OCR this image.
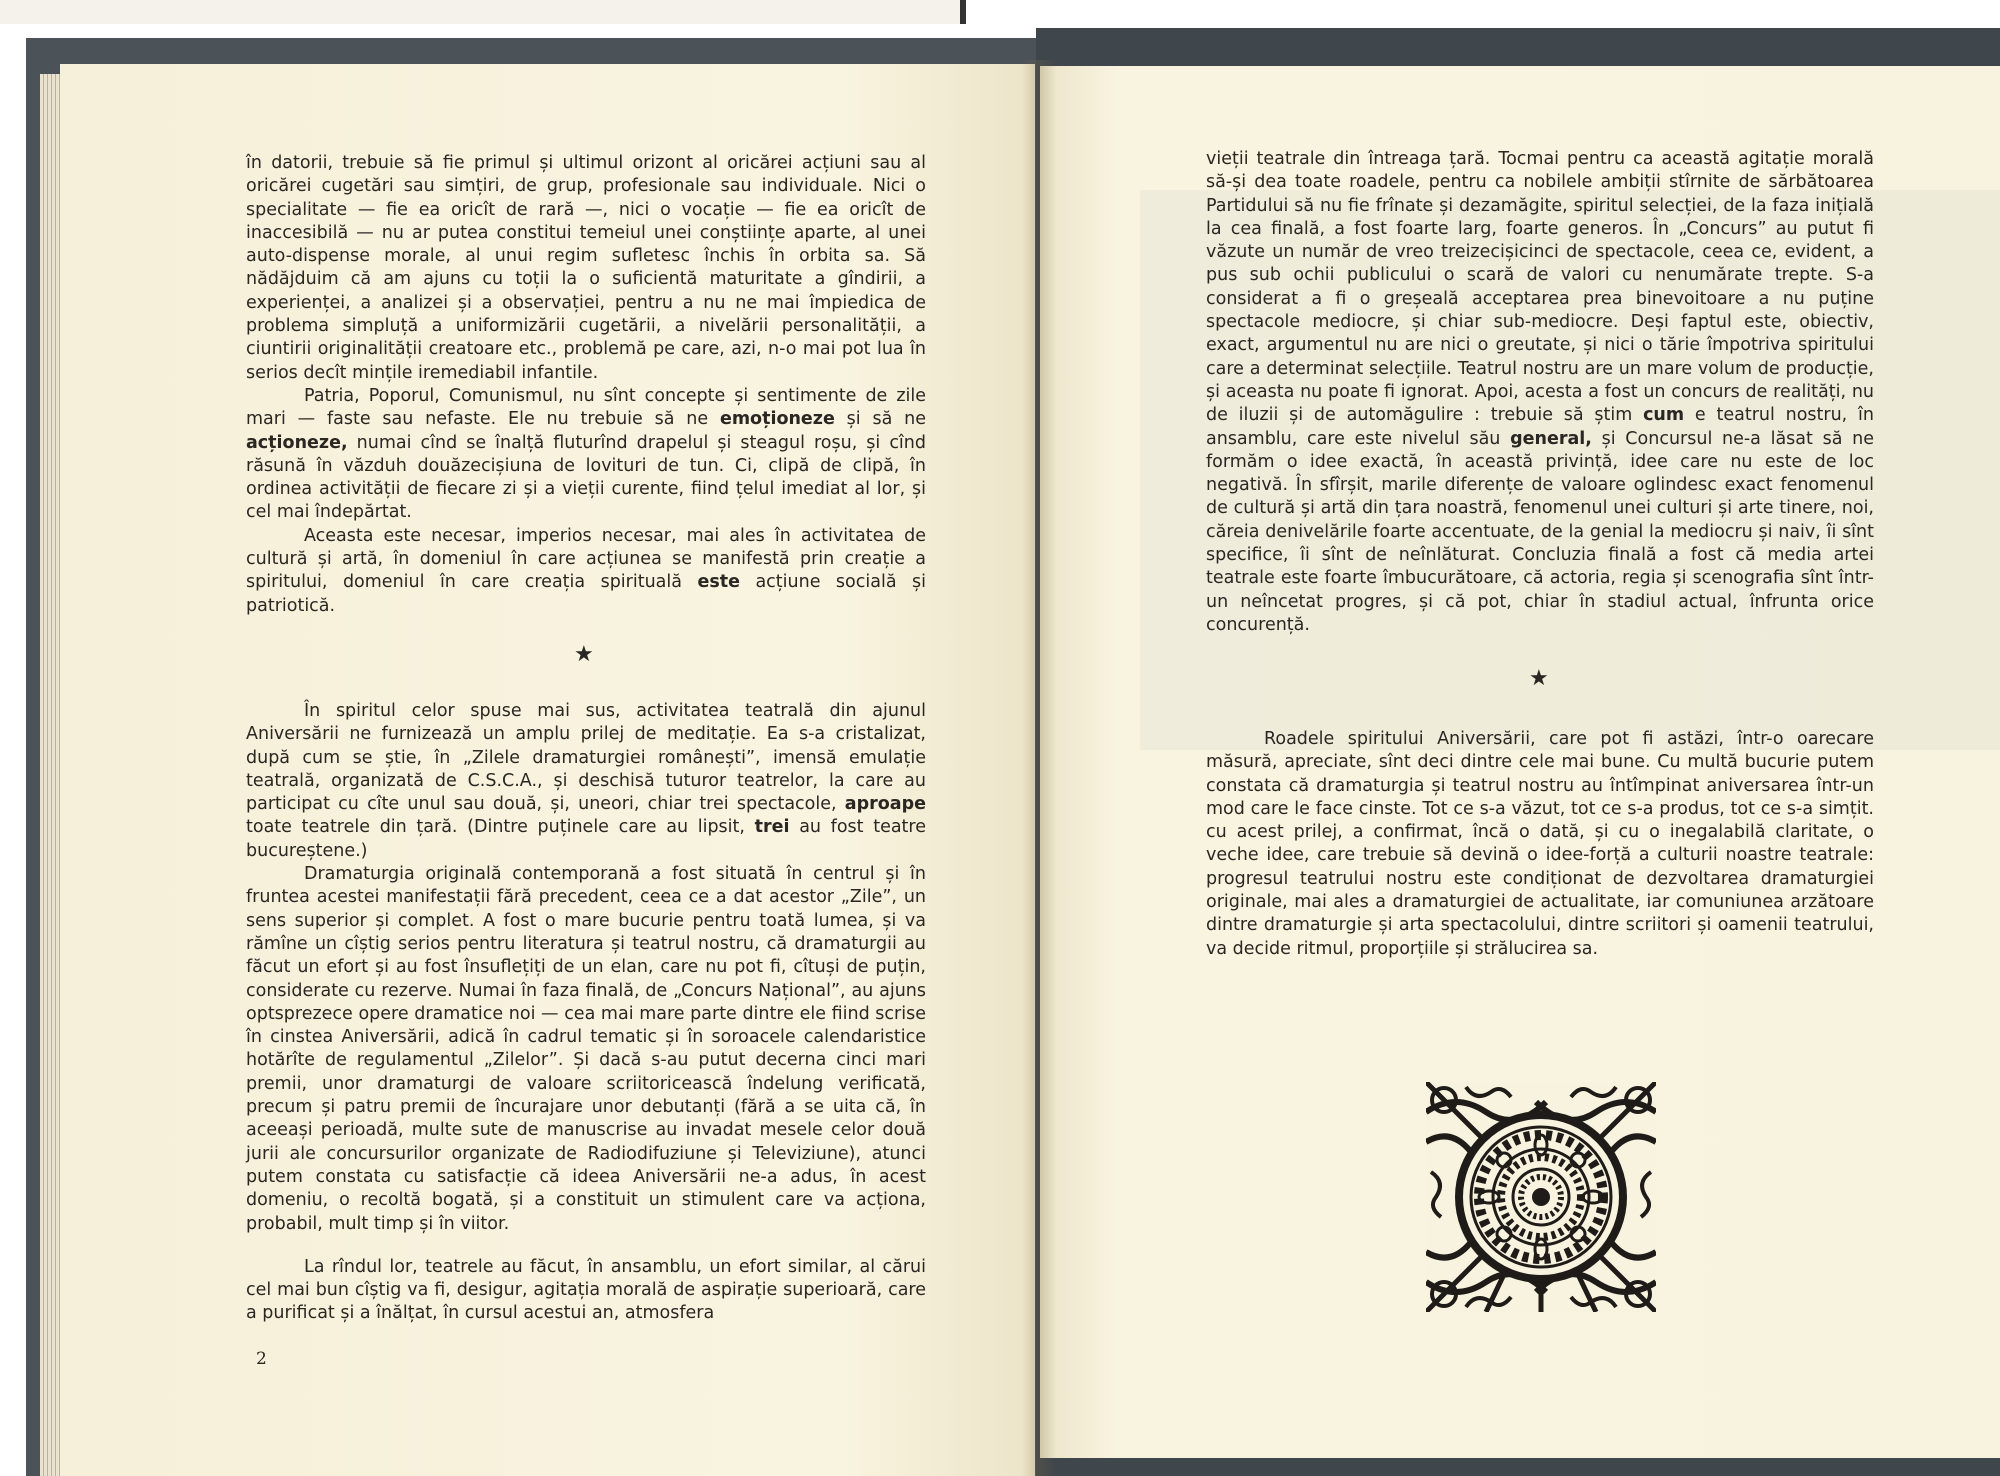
în datorii, trebuie să fie primul și ultimul orizont al oricărei acțiuni sau al oricărei cugetări sau simțiri, de grup, profesionale sau individuale. Nici o specialitate — fie ea oricît de rară —, nici o vocație — fie ea oricît de inaccesibilă — nu ar putea constitui temeiul unei conștiințe aparte, al unei auto-dispense morale, al unui regim sufletesc închis în orbita sa. Să nădăjduim că am ajuns cu toții la o suficientă maturitate a gîndirii, a experienței, a analizei și a observației, pentru a nu ne mai împiedica de problema simpluță a uniformizării cugetării, a nivelării personalității, a ciuntirii originalității creatoare etc., problemă pe care, azi, n-o mai pot lua în serios decît mințile iremediabil infantile.

Patria, Poporul, Comunismul, nu sînt concepte și sentimente de zile mari — faste sau nefaste. Ele nu trebuie să ne emoționeze și să ne acționeze, numai cînd se înalță fluturînd drapelul și steagul roșu, și cînd răsună în văzduh douăzecișiuna de lovituri de tun. Ci, clipă de clipă, în ordinea activității de fiecare zi și a vieții curente, fiind țelul imediat al lor, și cel mai îndepărtat.

Aceasta este necesar, imperios necesar, mai ales în activitatea de cultură și artă, în domeniul în care acțiunea se manifestă prin creație a spiritului, domeniul în care creația spirituală este acțiune socială și patriotică.

★

În spiritul celor spuse mai sus, activitatea teatrală din ajunul Aniversării ne furnizează un amplu prilej de meditație. Ea s-a cristalizat, după cum se știe, în „Zilele dramaturgiei românești”, imensă emulație teatrală, organizată de C.S.C.A., și deschisă tuturor teatrelor, la care au participat cu cîte unul sau două, și, uneori, chiar trei spectacole, aproape toate teatrele din țară. (Dintre puținele care au lipsit, trei au fost teatre bucureștene.)

Dramaturgia originală contemporană a fost situată în centrul și în fruntea acestei manifestații fără precedent, ceea ce a dat acestor „Zile”, un sens superior și complet. A fost o mare bucurie pentru toată lumea, și va rămîne un cîștig serios pentru literatura și teatrul nostru, că dramaturgii au făcut un efort și au fost însuflețiți de un elan, care nu pot fi, cîtuși de puțin, considerate cu rezerve. Numai în faza finală, de „Concurs Național”, au ajuns optsprezece opere dramatice noi — cea mai mare parte dintre ele fiind scrise în cinstea Aniversării, adică în cadrul tematic și în soroacele calendaristice hotărîte de regulamentul „Zilelor”. Și dacă s-au putut decerna cinci mari premii, unor dramaturgi de valoare scriitoricească îndelung verificată, precum și patru premii de încurajare unor debutanți (fără a se uita că, în aceeași perioadă, multe sute de manuscrise au invadat mesele celor două jurii ale concursurilor organizate de Radiodifuziune și Televiziune), atunci putem constata cu satisfacție că ideea Aniversării ne-a adus, în acest domeniu, o recoltă bogată, și a constituit un stimulent care va acționa, probabil, mult timp și în viitor.

La rîndul lor, teatrele au făcut, în ansamblu, un efort similar, al cărui cel mai bun cîștig va fi, desigur, agitația morală de aspirație superioară, care a purificat și a înălțat, în cursul acestui an, atmosfera

2

vieții teatrale din întreaga țară. Tocmai pentru ca această agitație morală să-și dea toate roadele, pentru ca nobilele ambiții stîrnite de sărbătoarea Partidului să nu fie frînate și dezamăgite, spiritul selecției, de la faza inițială la cea finală, a fost foarte larg, foarte generos. În „Concurs” au putut fi văzute un număr de vreo treizecișicinci de spectacole, ceea ce, evident, a pus sub ochii publicului o scară de valori cu nenumărate trepte. S-a considerat a fi o greșeală acceptarea prea binevoitoare a nu puține spectacole mediocre, și chiar sub-mediocre. Deși faptul este, obiectiv, exact, argumentul nu are nici o greutate, și nici o tărie împotriva spiritului care a determinat selecțiile. Teatrul nostru are un mare volum de producție, și aceasta nu poate fi ignorat. Apoi, acesta a fost un concurs de realități, nu de iluzii și de automăgulire : trebuie să știm cum e teatrul nostru, în ansamblu, care este nivelul său general, și Concursul ne-a lăsat să ne formăm o idee exactă, în această privință, idee care nu este de loc negativă. În sfîrșit, marile diferențe de valoare oglindesc exact fenomenul de cultură și artă din țara noastră, fenomenul unei culturi și arte tinere, noi, căreia denivelările foarte accentuate, de la genial la mediocru și naiv, îi sînt specifice, îi sînt de neînlăturat. Concluzia finală a fost că media artei teatrale este foarte îmbucurătoare, că actoria, regia și scenografia sînt într-un neîncetat progres, și că pot, chiar în stadiul actual, înfrunta orice concurență.

★

Roadele spiritului Aniversării, care pot fi astăzi, într-o oarecare măsură, apreciate, sînt deci dintre cele mai bune. Cu multă bucurie putem constata că dramaturgia și teatrul nostru au întîmpinat aniversarea într-un mod care le face cinste. Tot ce s-a văzut, tot ce s-a produs, tot ce s-a simțit. cu acest prilej, a confirmat, încă o dată, și cu o inegalabilă claritate, o veche idee, care trebuie să devină o idee-forță a culturii noastre teatrale: progresul teatrului nostru este condiționat de dezvoltarea dramaturgiei originale, mai ales a dramaturgiei de actualitate, iar comuniunea arzătoare dintre dramaturgie și arta spectacolului, dintre scriitori și oamenii teatrului, va decide ritmul, proporțiile și strălucirea sa.
